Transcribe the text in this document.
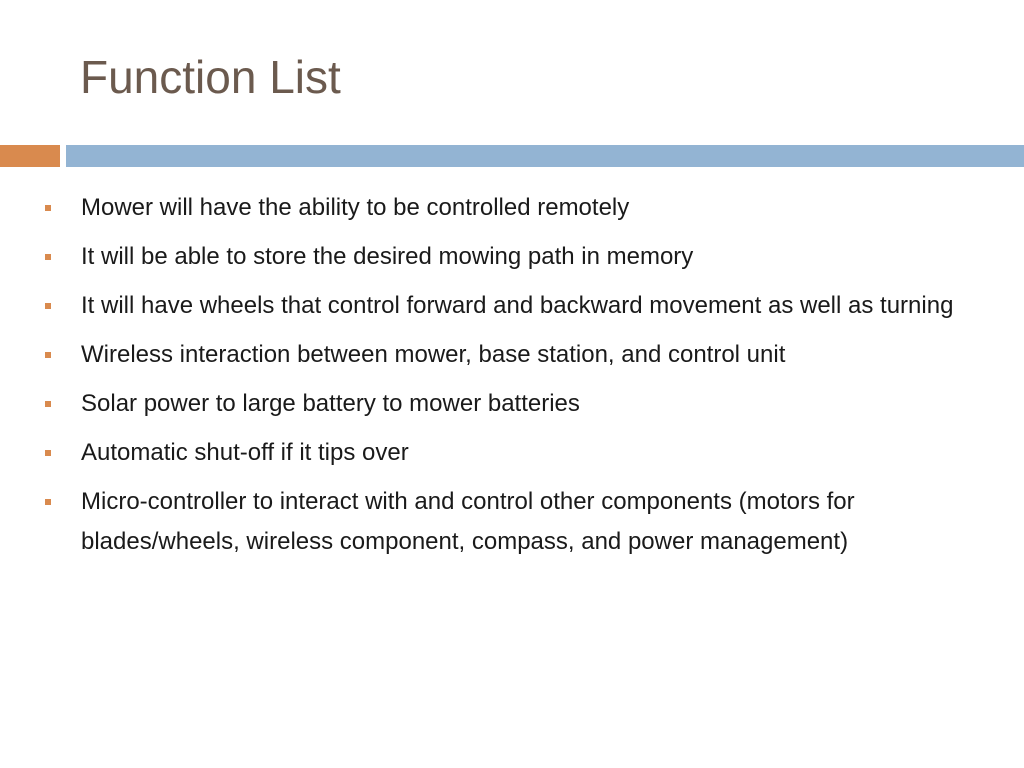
Function List
Mower will have the ability to be controlled remotely
It will be able to store the desired mowing path in memory
It will have wheels that control forward and backward movement as well as turning
Wireless interaction between mower, base station, and control unit
Solar power to large battery to mower batteries
Automatic shut-off if it tips over
Micro-controller to interact with and control other components (motors for blades/wheels, wireless component, compass, and power management)
